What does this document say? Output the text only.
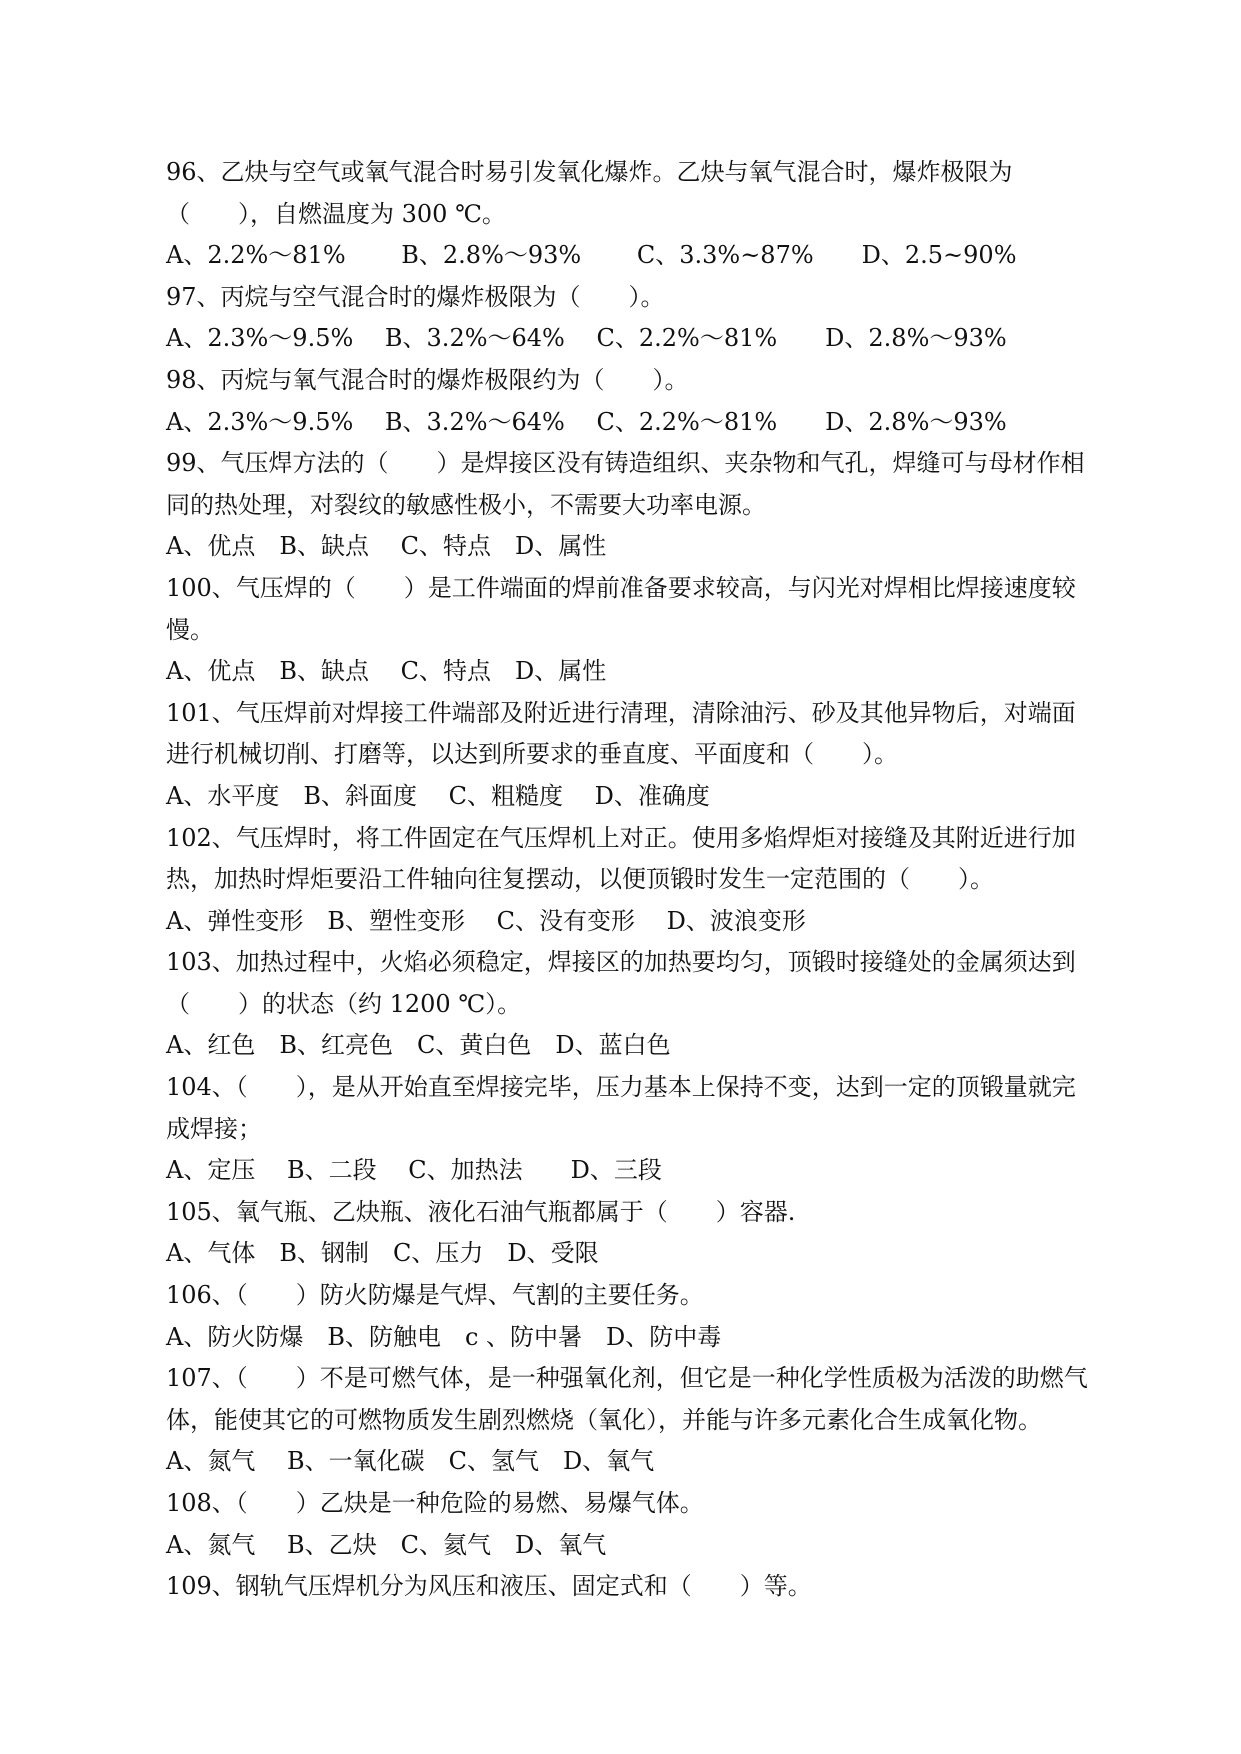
96、乙炔与空气或氧气混合时易引发氧化爆炸。乙炔与氧气混合时，爆炸极限为
（　　），自燃温度为 300 ℃。
A、2.2%～81%　　 B、2.8%～93%　　 C、3.3%~87%　　D、2.5~90%
97、丙烷与空气混合时的爆炸极限为（　　）。
A、2.3%～9.5%　 B、3.2%～64%　 C、2.2%～81%　　D、2.8%～93%
98、丙烷与氧气混合时的爆炸极限约为（　　）。
A、2.3%～9.5%　 B、3.2%～64%　 C、2.2%～81%　　D、2.8%～93%
99、气压焊方法的（　　）是焊接区没有铸造组织、夹杂物和气孔，焊缝可与母材作相
同的热处理，对裂纹的敏感性极小，不需要大功率电源。
A、优点　B、缺点　 C、特点　D、属性
100、气压焊的（　　）是工件端面的焊前准备要求较高，与闪光对焊相比焊接速度较
慢。
A、优点　B、缺点　 C、特点　D、属性
101、气压焊前对焊接工件端部及附近进行清理，清除油污、砂及其他异物后，对端面
进行机械切削、打磨等，以达到所要求的垂直度、平面度和（　　）。
A、水平度　B、斜面度　 C、粗糙度　 D、准确度
102、气压焊时，将工件固定在气压焊机上对正。使用多焰焊炬对接缝及其附近进行加
热，加热时焊炬要沿工件轴向往复摆动，以便顶锻时发生一定范围的（　　）。
A、弹性变形　B、塑性变形　 C、没有变形　 D、波浪变形
103、加热过程中，火焰必须稳定，焊接区的加热要均匀，顶锻时接缝处的金属须达到
（　　）的状态（约 1200 ℃）。
A、红色　B、红亮色　C、黄白色　D、蓝白色
104、（　　），是从开始直至焊接完毕，压力基本上保持不变，达到一定的顶锻量就完
成焊接；
A、定压　 B、二段　 C、加热法　　D、三段
105、氧气瓶、乙炔瓶、液化石油气瓶都属于（　　）容器.
A、气体　B、钢制　C、压力　D、受限
106、（　　）防火防爆是气焊、气割的主要任务。
A、防火防爆　B、防触电　c 、防中暑　D、防中毒
107、（　　）不是可燃气体，是一种强氧化剂，但它是一种化学性质极为活泼的助燃气
体，能使其它的可燃物质发生剧烈燃烧（氧化），并能与许多元素化合生成氧化物。
A、氮气　 B、一氧化碳　C、氢气　D、氧气
108、（　　）乙炔是一种危险的易燃、易爆气体。
A、氮气　 B、乙炔　C、氦气　D、氧气
109、钢轨气压焊机分为风压和液压、固定式和（　　）等。
